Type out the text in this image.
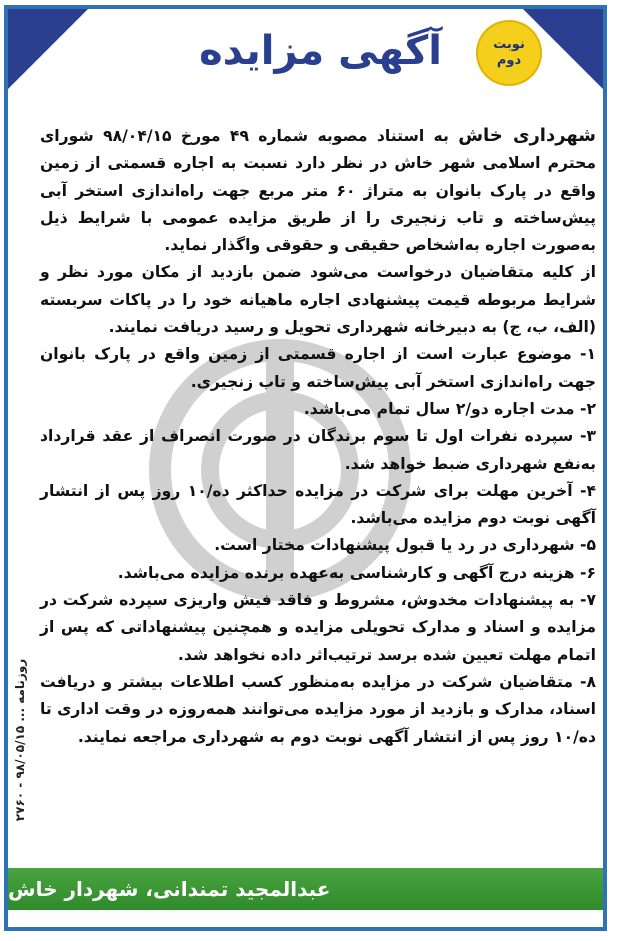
آگهی مزایده	نوبت
دوم

شهرداری خاش به استناد مصوبه شماره ۴۹ مورخ ۹۸/۰۴/۱۵ شورای محترم اسلامی شهر خاش در نظر دارد نسبت به اجاره قسمتی از زمین واقع در پارک بانوان به متراژ ۶۰ متر مربع جهت راه‌اندازی استخر آبی پیش‌ساخته و تاب زنجیری را از طریق مزایده عمومی با شرایط ذیل به‌صورت اجاره به‌اشخاص حقیقی و حقوقی واگذار نماید.

از کلیه متقاضیان درخواست می‌شود ضمن بازدید از مکان مورد نظر و شرایط مربوطه قیمت پیشنهادی اجاره ماهیانه خود را در پاکات سربسته (الف، ب، ج) به دبیرخانه شهرداری تحویل و رسید دریافت نمایند.

۱- موضوع عبارت است از اجاره قسمتی از زمین واقع در پارک بانوان جهت راه‌اندازی استخر آبی پیش‌ساخته و تاب زنجیری.

۲- مدت اجاره دو/۲ سال تمام می‌باشد.

۳- سپرده نفرات اول تا سوم برندگان در صورت انصراف از عقد قرارداد به‌نفع شهرداری ضبط خواهد شد.

۴- آخرین مهلت برای شرکت در مزایده حداکثر ده/۱۰ روز پس از انتشار آگهی نوبت دوم مزایده می‌باشد.

۵- شهرداری در رد یا قبول پیشنهادات مختار است.

۶- هزینه درج آگهی و کارشناسی به‌عهده برنده مزایده می‌باشد.

۷- به پیشنهادات مخدوش، مشروط و فاقد فیش واریزی سپرده شرکت در مزایده و اسناد و مدارک تحویلی مزایده و همچنین پیشنهاداتی که پس از اتمام مهلت تعیین شده برسد ترتیب‌اثر داده نخواهد شد.

۸- متقاضیان شرکت در مزایده به‌منظور کسب اطلاعات بیشتر و دریافت اسناد، مدارک و بازدید از مورد مزایده می‌توانند همه‌روزه در وقت اداری تا ده/۱۰ روز پس از انتشار آگهی نوبت دوم به شهرداری مراجعه نمایند.

روزنامه ... ۹۸/۰۵/۱۵ - ۲۷۶۰
عبدالمجید تمندانی، شهردار خاش
